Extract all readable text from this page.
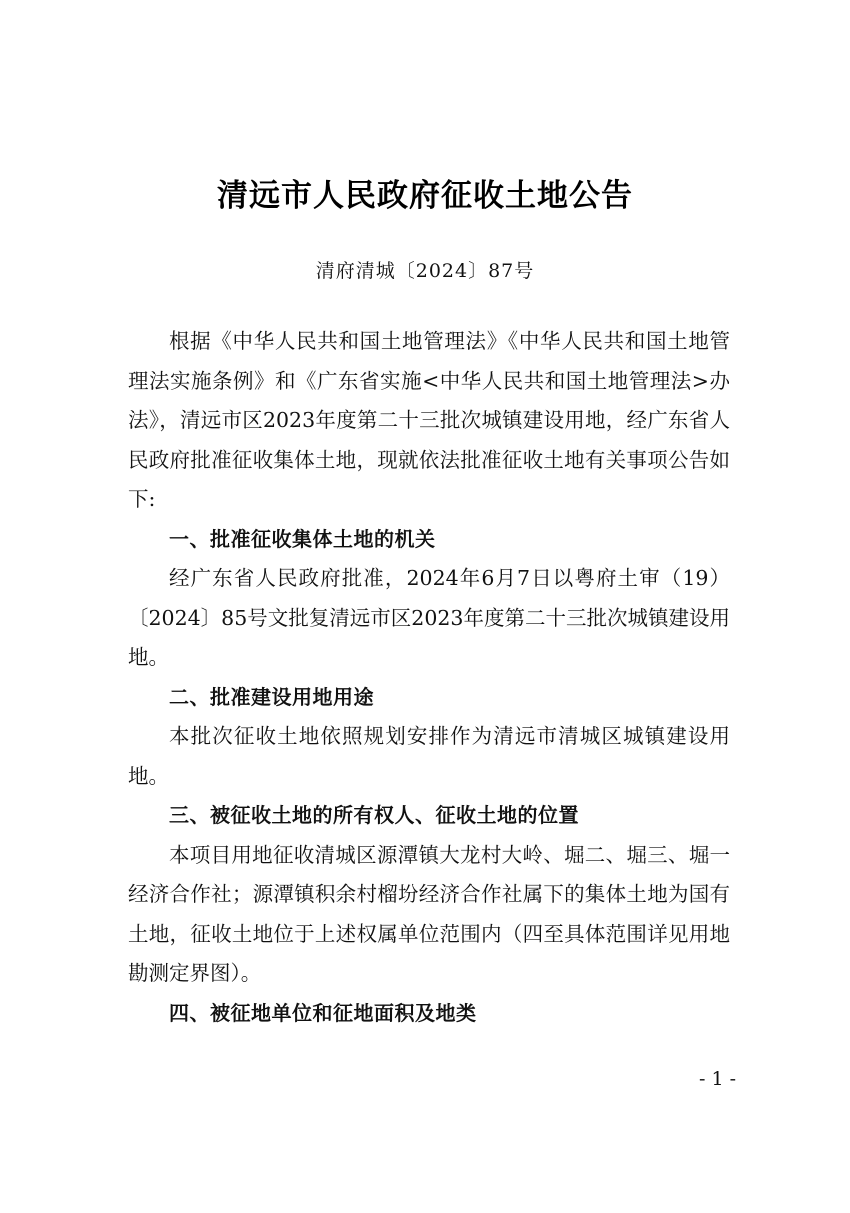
清远市人民政府征收土地公告
清府清城〔2024〕87号

根据《中华人民共和国土地管理法》《中华人民共和国土地管理法实施条例》和《广东省实施<中华人民共和国土地管理法>办法》，清远市区2023年度第二十三批次城镇建设用地，经广东省人民政府批准征收集体土地，现就依法批准征收土地有关事项公告如下:

一、批准征收集体土地的机关

经广东省人民政府批准，2024年6月7日以粤府土审（19）〔2024〕85号文批复清远市区2023年度第二十三批次城镇建设用地。

二、批准建设用地用途

本批次征收土地依照规划安排作为清远市清城区城镇建设用地。

三、被征收土地的所有权人、征收土地的位置

本项目用地征收清城区源潭镇大龙村大岭、堀二、堀三、堀一经济合作社；源潭镇积余村榴坋经济合作社属下的集体土地为国有土地，征收土地位于上述权属单位范围内（四至具体范围详见用地勘测定界图）。

四、被征地单位和征地面积及地类

- 1 -
